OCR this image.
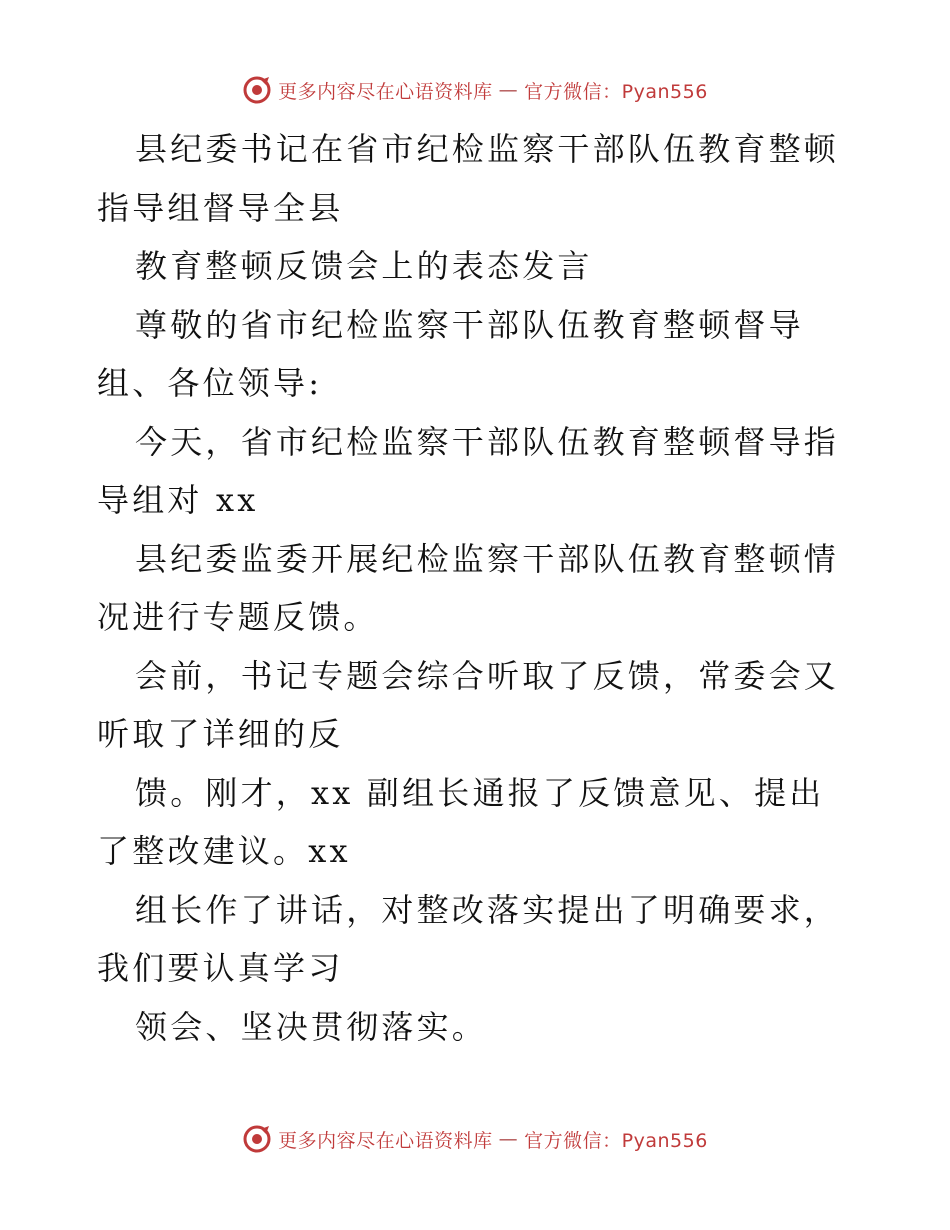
更多内容尽在心语资料库 — 官方微信：Pyan556

县纪委书记在省市纪检监察干部队伍教育整顿指导组督导全县

教育整顿反馈会上的表态发言

尊敬的省市纪检监察干部队伍教育整顿督导组、各位领导:

今天，省市纪检监察干部队伍教育整顿督导指导组对 xx

县纪委监委开展纪检监察干部队伍教育整顿情况进行专题反馈。

会前，书记专题会综合听取了反馈，常委会又听取了详细的反

馈。刚才，xx 副组长通报了反馈意见、提出了整改建议。xx

组长作了讲话，对整改落实提出了明确要求，我们要认真学习

领会、坚决贯彻落实。

更多内容尽在心语资料库 — 官方微信：Pyan556
